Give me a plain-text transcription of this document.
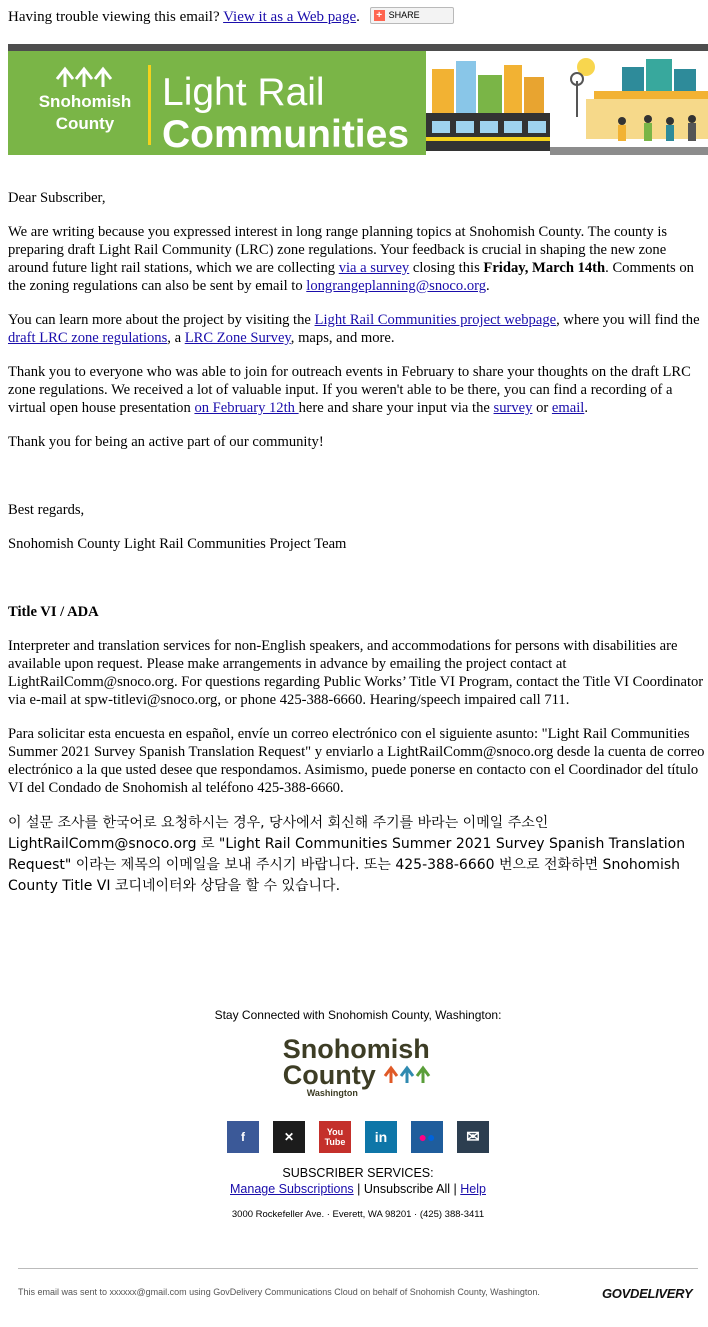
Having trouble viewing this email? View it as a Web page. + SHARE
Snohomish
County
Light Rail
Communities

Dear Subscriber,

We are writing because you expressed interest in long range planning topics at Snohomish County. The county is preparing draft Light Rail Community (LRC) zone regulations. Your feedback is crucial in shaping the new zone around future light rail stations, which we are collecting via a survey closing this Friday, March 14th. Comments on the zoning regulations can also be sent by email to longrangeplanning@snoco.org.

You can learn more about the project by visiting the Light Rail Communities project webpage, where you will find the draft LRC zone regulations, a LRC Zone Survey, maps, and more.

Thank you to everyone who was able to join for outreach events in February to share your thoughts on the draft LRC zone regulations. We received a lot of valuable input. If you weren't able to be there, you can find a recording of a virtual open house presentation on February 12th here and share your input via the survey or email.

Thank you for being an active part of our community!

Best regards,

Snohomish County Light Rail Communities Project Team

Title VI / ADA

Interpreter and translation services for non-English speakers, and accommodations for persons with disabilities are available upon request. Please make arrangements in advance by emailing the project contact at LightRailComm@snoco.org. For questions regarding Public Works’ Title VI Program, contact the Title VI Coordinator via e-mail at spw-titlevi@snoco.org, or phone 425-388-6660. Hearing/speech impaired call 711.

Para solicitar esta encuesta en español, envíe un correo electrónico con el siguiente asunto: "Light Rail Communities Summer 2021 Survey Spanish Translation Request" y enviarlo a LightRailComm@snoco.org desde la cuenta de correo electrónico a la que usted desee que respondamos. Asimismo, puede ponerse en contacto con el Coordinador del título VI del Condado de Snohomish al teléfono 425-388-6660.

이 설문 조사를 한국어로 요청하시는 경우, 당사에서 회신해 주기를 바라는 이메일 주소인 LightRailComm@snoco.org 로 "Light Rail Communities Summer 2021 Survey Spanish Translation Request" 이라는 제목의 이메일을 보내 주시기 바랍니다. 또는 425-388-6660 번으로 전화하면 Snohomish County Title VI 코디네이터와 상담을 할 수 있습니다.

Stay Connected with Snohomish County, Washington:
Snohomish
County
Washington
f	✕	You
Tube	in	● ●	✉
SUBSCRIBER SERVICES:
Manage Subscriptions | Unsubscribe All | Help
3000 Rockefeller Ave. · Everett, WA 98201 · (425) 388-3411
This email was sent to xxxxxx@gmail.com using GovDelivery Communications Cloud on behalf of Snohomish County, Washington.	GOVDELIVERY
